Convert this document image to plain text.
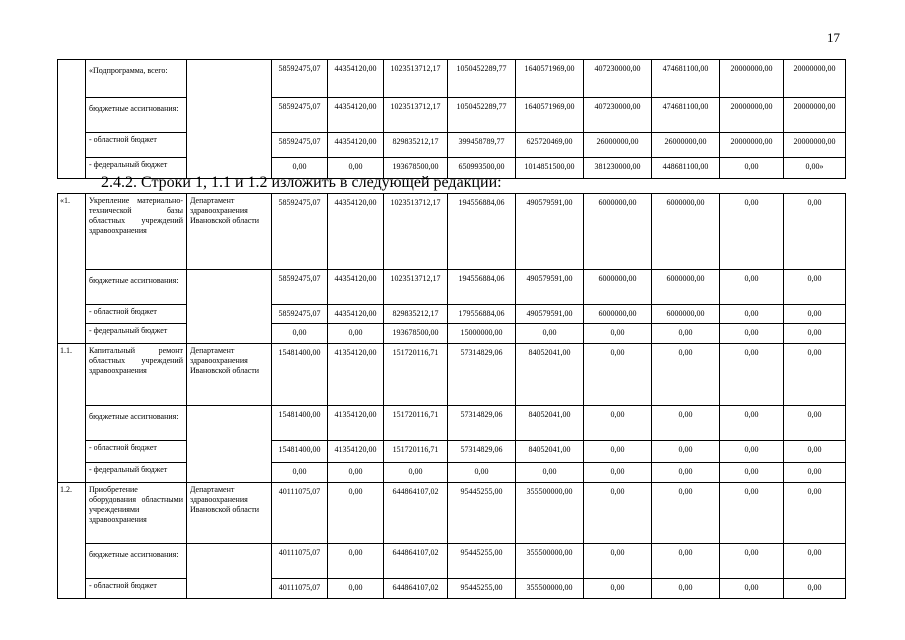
17
	«Подпрограмма, всего:		58592475,07	44354120,00	1023513712,17	1050452289,77	1640571969,00	407230000,00	474681100,00	20000000,00	20000000,00
	бюджетные ассигнования:		58592475,07	44354120,00	1023513712,17	1050452289,77	1640571969,00	407230000,00	474681100,00	20000000,00	20000000,00
	- областной бюджет		58592475,07	44354120,00	829835212,17	399458789,77	625720469,00	26000000,00	26000000,00	20000000,00	20000000,00
	- федеральный бюджет		0,00	0,00	193678500,00	650993500,00	1014851500,00	381230000,00	448681100,00	0,00	0,00»
2.4.2. Строки 1, 1.1 и 1.2 изложить в следующей редакции:
«1.	Укрепление материально-технической базы областных учреждений здравоохранения	Департамент здравоохранения Ивановской области	58592475,07	44354120,00	1023513712,17	194556884,06	490579591,00	6000000,00	6000000,00	0,00	0,00
	бюджетные ассигнования:		58592475,07	44354120,00	1023513712,17	194556884,06	490579591,00	6000000,00	6000000,00	0,00	0,00
	- областной бюджет		58592475,07	44354120,00	829835212,17	179556884,06	490579591,00	6000000,00	6000000,00	0,00	0,00
	- федеральный бюджет		0,00	0,00	193678500,00	15000000,00	0,00	0,00	0,00	0,00	0,00
1.1.	Капитальный ремонт областных учреждений здравоохранения	Департамент здравоохранения Ивановской области	15481400,00	41354120,00	151720116,71	57314829,06	84052041,00	0,00	0,00	0,00	0,00
	бюджетные ассигнования:		15481400,00	41354120,00	151720116,71	57314829,06	84052041,00	0,00	0,00	0,00	0,00
	- областной бюджет		15481400,00	41354120,00	151720116,71	57314829,06	84052041,00	0,00	0,00	0,00	0,00
	- федеральный бюджет		0,00	0,00	0,00	0,00	0,00	0,00	0,00	0,00	0,00
1.2.	Приобретение оборудования областными учреждениями здравоохранения	Департамент здравоохранения Ивановской области	40111075,07	0,00	644864107,02	95445255,00	355500000,00	0,00	0,00	0,00	0,00
	бюджетные ассигнования:		40111075,07	0,00	644864107,02	95445255,00	355500000,00	0,00	0,00	0,00	0,00
	- областной бюджет		40111075,07	0,00	644864107,02	95445255,00	355500000,00	0,00	0,00	0,00	0,00
